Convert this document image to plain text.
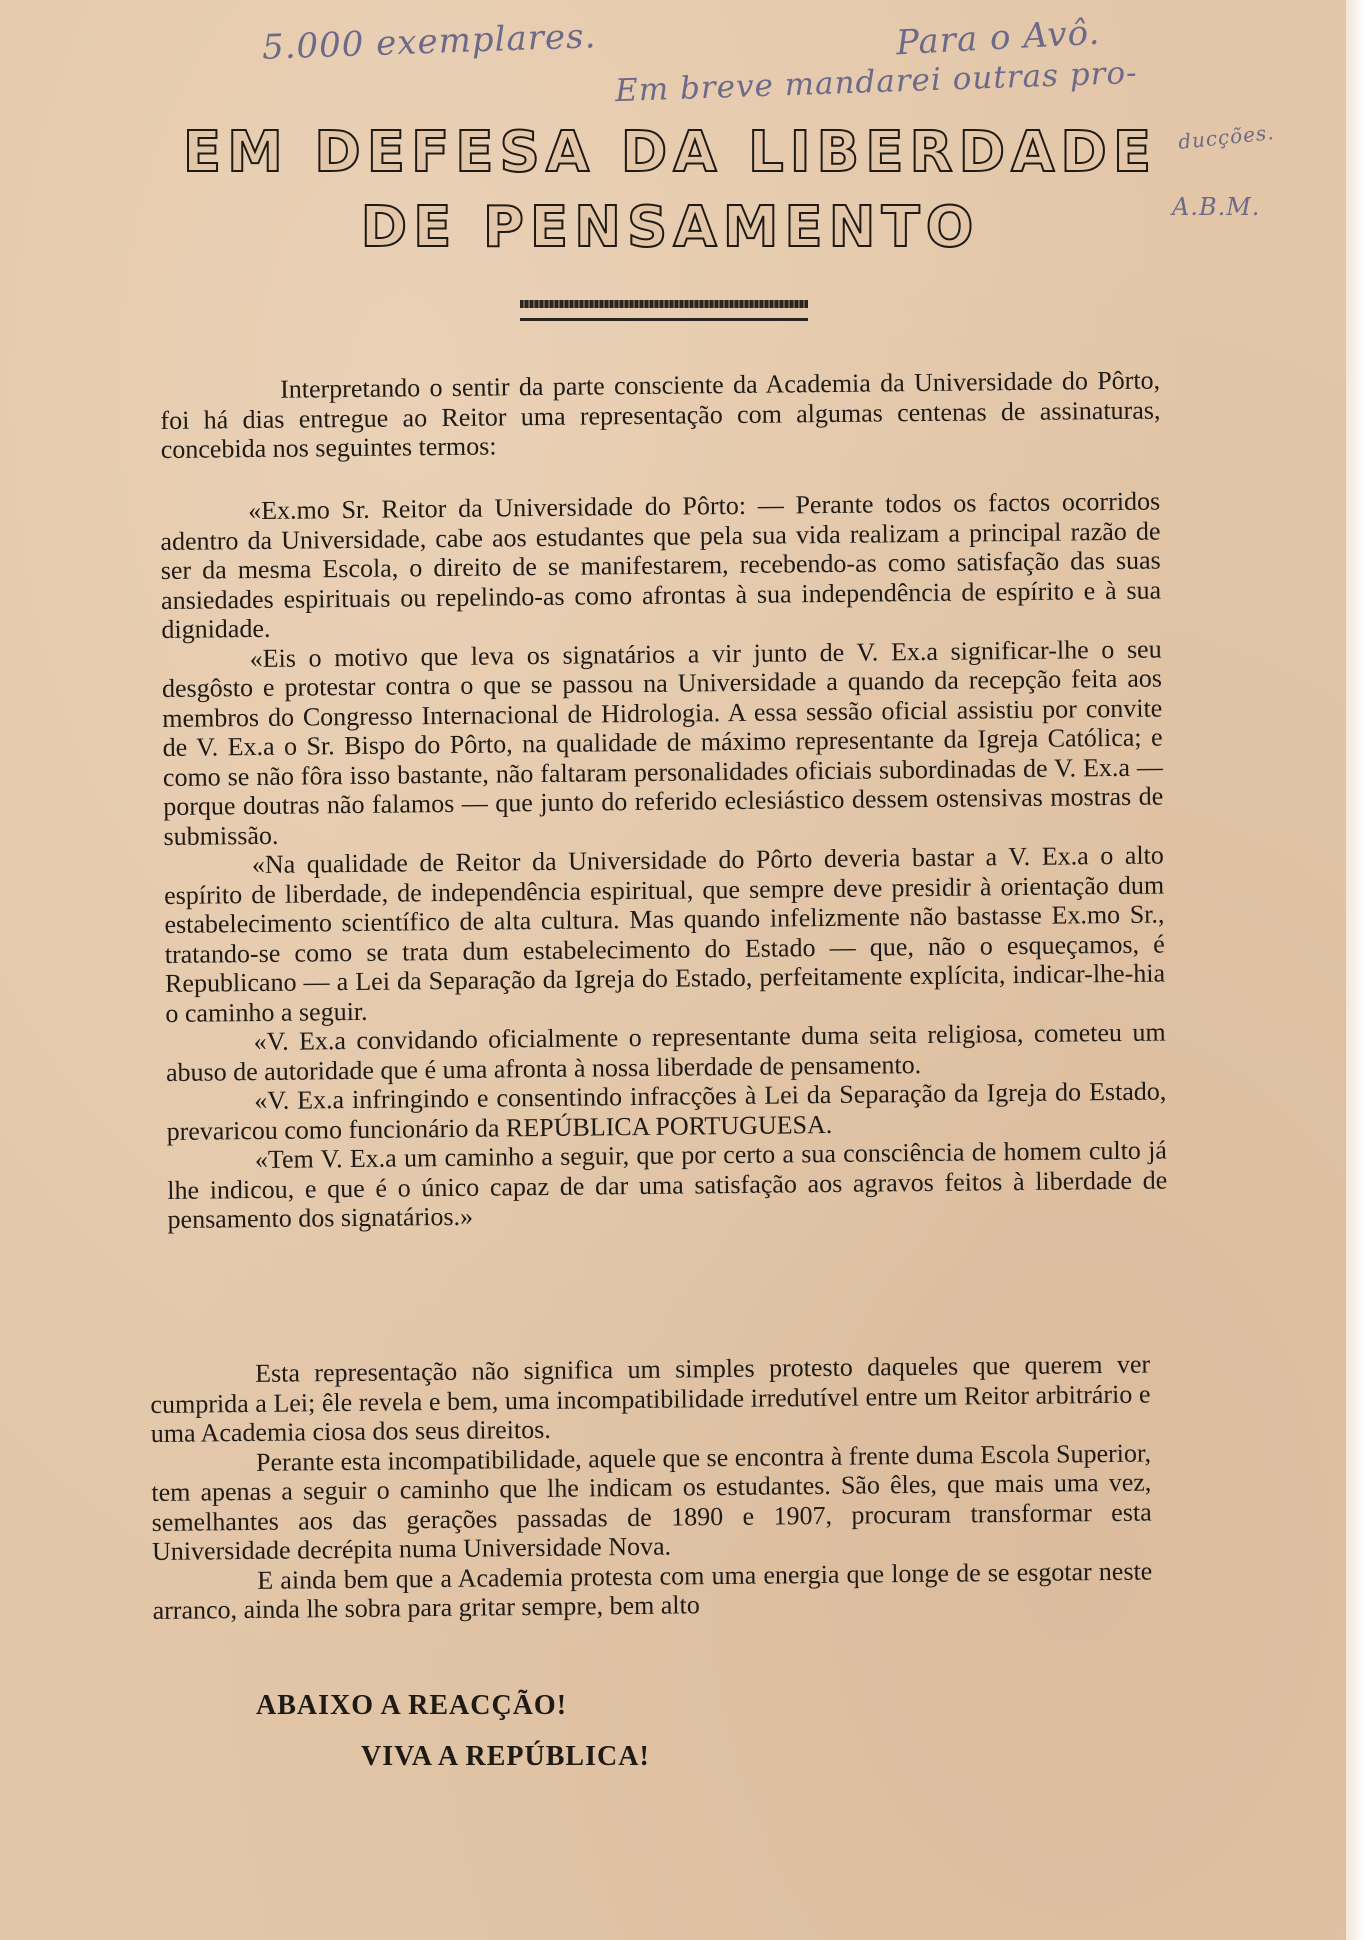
5.000 exemplares.	Para o Avô.
Em breve mandarei outras pro-
ducções.
A.B.M.
EM DEFESA DA LIBERDADE
DE PENSAMENTO
Interpretando o sentir da parte consciente da Academia da Universidade do Pôrto, foi há dias entregue ao Reitor uma representação com algumas centenas de assinaturas, concebida nos seguintes termos:
«Ex.mo Sr. Reitor da Universidade do Pôrto: — Perante todos os factos ocorridos adentro da Universidade, cabe aos estudantes que pela sua vida realizam a principal razão de ser da mesma Escola, o direito de se manifestarem, recebendo-as como satisfação das suas ansiedades espirituais ou repelindo-as como afrontas à sua independência de espírito e à sua dignidade.
«Eis o motivo que leva os signatários a vir junto de V. Ex.a significar-lhe o seu desgôsto e protestar contra o que se passou na Universidade a quando da recepção feita aos membros do Congresso Internacional de Hidrologia. A essa sessão oficial assistiu por convite de V. Ex.a o Sr. Bispo do Pôrto, na qualidade de máximo representante da Igreja Católica; e como se não fôra isso bastante, não faltaram personalidades oficiais subordinadas de V. Ex.a — porque doutras não falamos — que junto do referido eclesiástico dessem ostensivas mostras de submissão.
«Na qualidade de Reitor da Universidade do Pôrto deveria bastar a V. Ex.a o alto espírito de liberdade, de independência espiritual, que sempre deve presidir à orientação dum estabelecimento scientífico de alta cultura. Mas quando infelizmente não bastasse Ex.mo Sr., tratando-se como se trata dum estabelecimento do Estado — que, não o esqueçamos, é Republicano — a Lei da Separação da Igreja do Estado, perfeitamente explícita, indicar-lhe-hia o caminho a seguir.
«V. Ex.a convidando oficialmente o representante duma seita religiosa, cometeu um abuso de autoridade que é uma afronta à nossa liberdade de pensamento.
«V. Ex.a infringindo e consentindo infracções à Lei da Separação da Igreja do Estado, prevaricou como funcionário da REPÚBLICA PORTUGUESA.
«Tem V. Ex.a um caminho a seguir, que por certo a sua consciência de homem culto já lhe indicou, e que é o único capaz de dar uma satisfação aos agravos feitos à liberdade de pensamento dos signatários.»
Esta representação não significa um simples protesto daqueles que querem ver cumprida a Lei; êle revela e bem, uma incompatibilidade irredutível entre um Reitor arbitrário e uma Academia ciosa dos seus direitos.
Perante esta incompatibilidade, aquele que se encontra à frente duma Escola Superior, tem apenas a seguir o caminho que lhe indicam os estudantes. São êles, que mais uma vez, semelhantes aos das gerações passadas de 1890 e 1907, procuram transformar esta Universidade decrépita numa Universidade Nova.
E ainda bem que a Academia protesta com uma energia que longe de se esgotar neste arranco, ainda lhe sobra para gritar sempre, bem alto
ABAIXO A REACÇÃO!
VIVA A REPÚBLICA!
